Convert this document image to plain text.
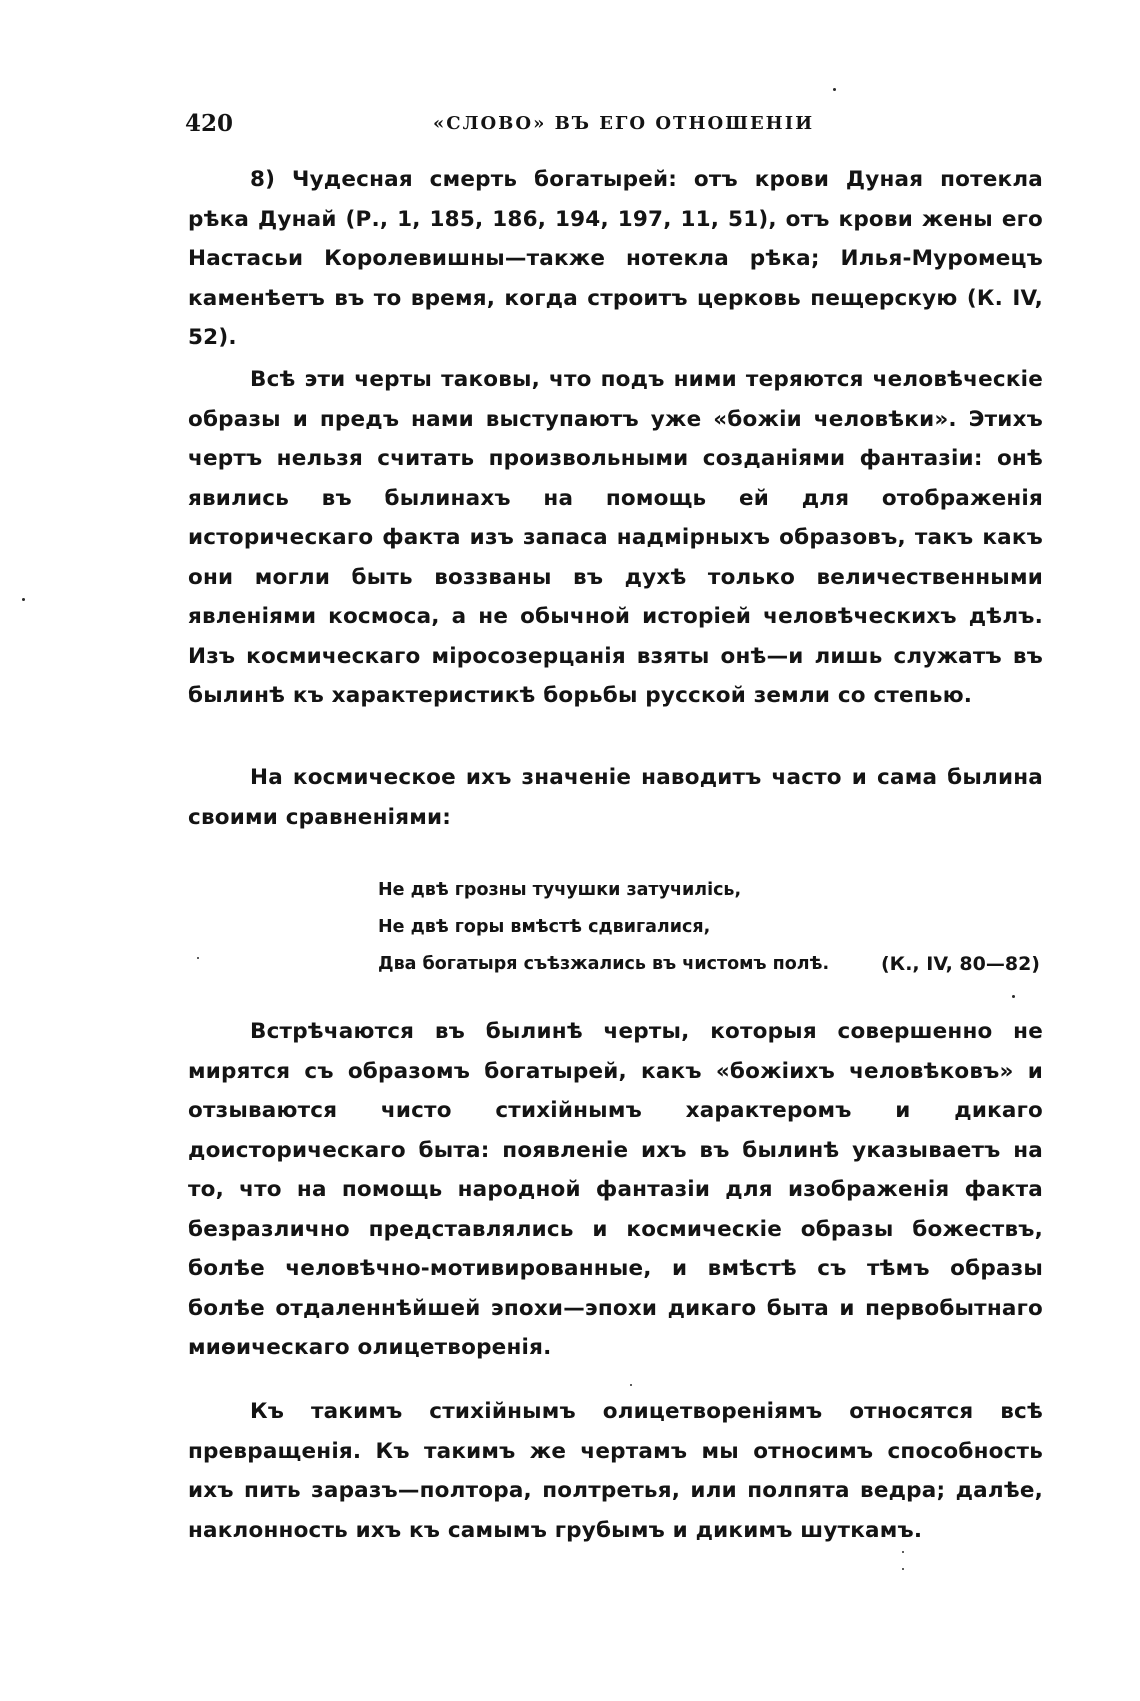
420	«СЛОВО» ВЪ ЕГО ОТНОШЕНІИ

8) Чудесная смерть богатырей: отъ крови Дуная потекла рѣка Дунай (Р., 1, 185, 186, 194, 197, 11, 51), отъ крови жены его Настасьи Королевишны—также нотекла рѣка; Илья-Муромецъ каменѣетъ въ то время, когда строитъ церковь пещерскую (К. IV, 52).

Всѣ эти черты таковы, что подъ ними теряются человѣческіе образы и предъ нами выступаютъ уже «божіи человѣки». Этихъ чертъ нельзя считать произвольными созданіями фантазіи: онѣ явились въ былинахъ на помощь ей для отображенія историческаго факта изъ запаса надмірныхъ образовъ, такъ какъ они могли быть воззваны въ духѣ только величественными явленіями космоса, а не обычной исторіей человѣческихъ дѣлъ. Изъ космическаго міросозерцанія взяты онѣ—и лишь служатъ въ былинѣ къ характеристикѣ борьбы русской земли со степью.

На космическое ихъ значеніе наводитъ часто и сама былина своими сравненіями:

Не двѣ грозны тучушки затучилісь,
Не двѣ горы вмѣстѣ сдвигалися,
Два богатыря съѣзжались въ чистомъ полѣ.	(К., IV, 80—82)

Встрѣчаются въ былинѣ черты, которыя совершенно не мирятся съ образомъ богатырей, какъ «божіихъ человѣковъ» и отзываются чисто стихійнымъ характеромъ и дикаго доисторическаго быта: появленіе ихъ въ былинѣ указываетъ на то, что на помощь народной фантазіи для изображенія факта безразлично представлялись и космическіе образы божествъ, болѣе человѣчно-мотивированные, и вмѣстѣ съ тѣмъ образы болѣе отдаленнѣйшей эпохи—эпохи дикаго быта и первобытнаго миѳическаго олицетворенія.

Къ такимъ стихійнымъ олицетвореніямъ относятся всѣ превращенія. Къ такимъ же чертамъ мы относимъ способность ихъ пить заразъ—полтора, полтретья, или полпята ведра; далѣе, наклонность ихъ къ самымъ грубымъ и дикимъ шуткамъ.
